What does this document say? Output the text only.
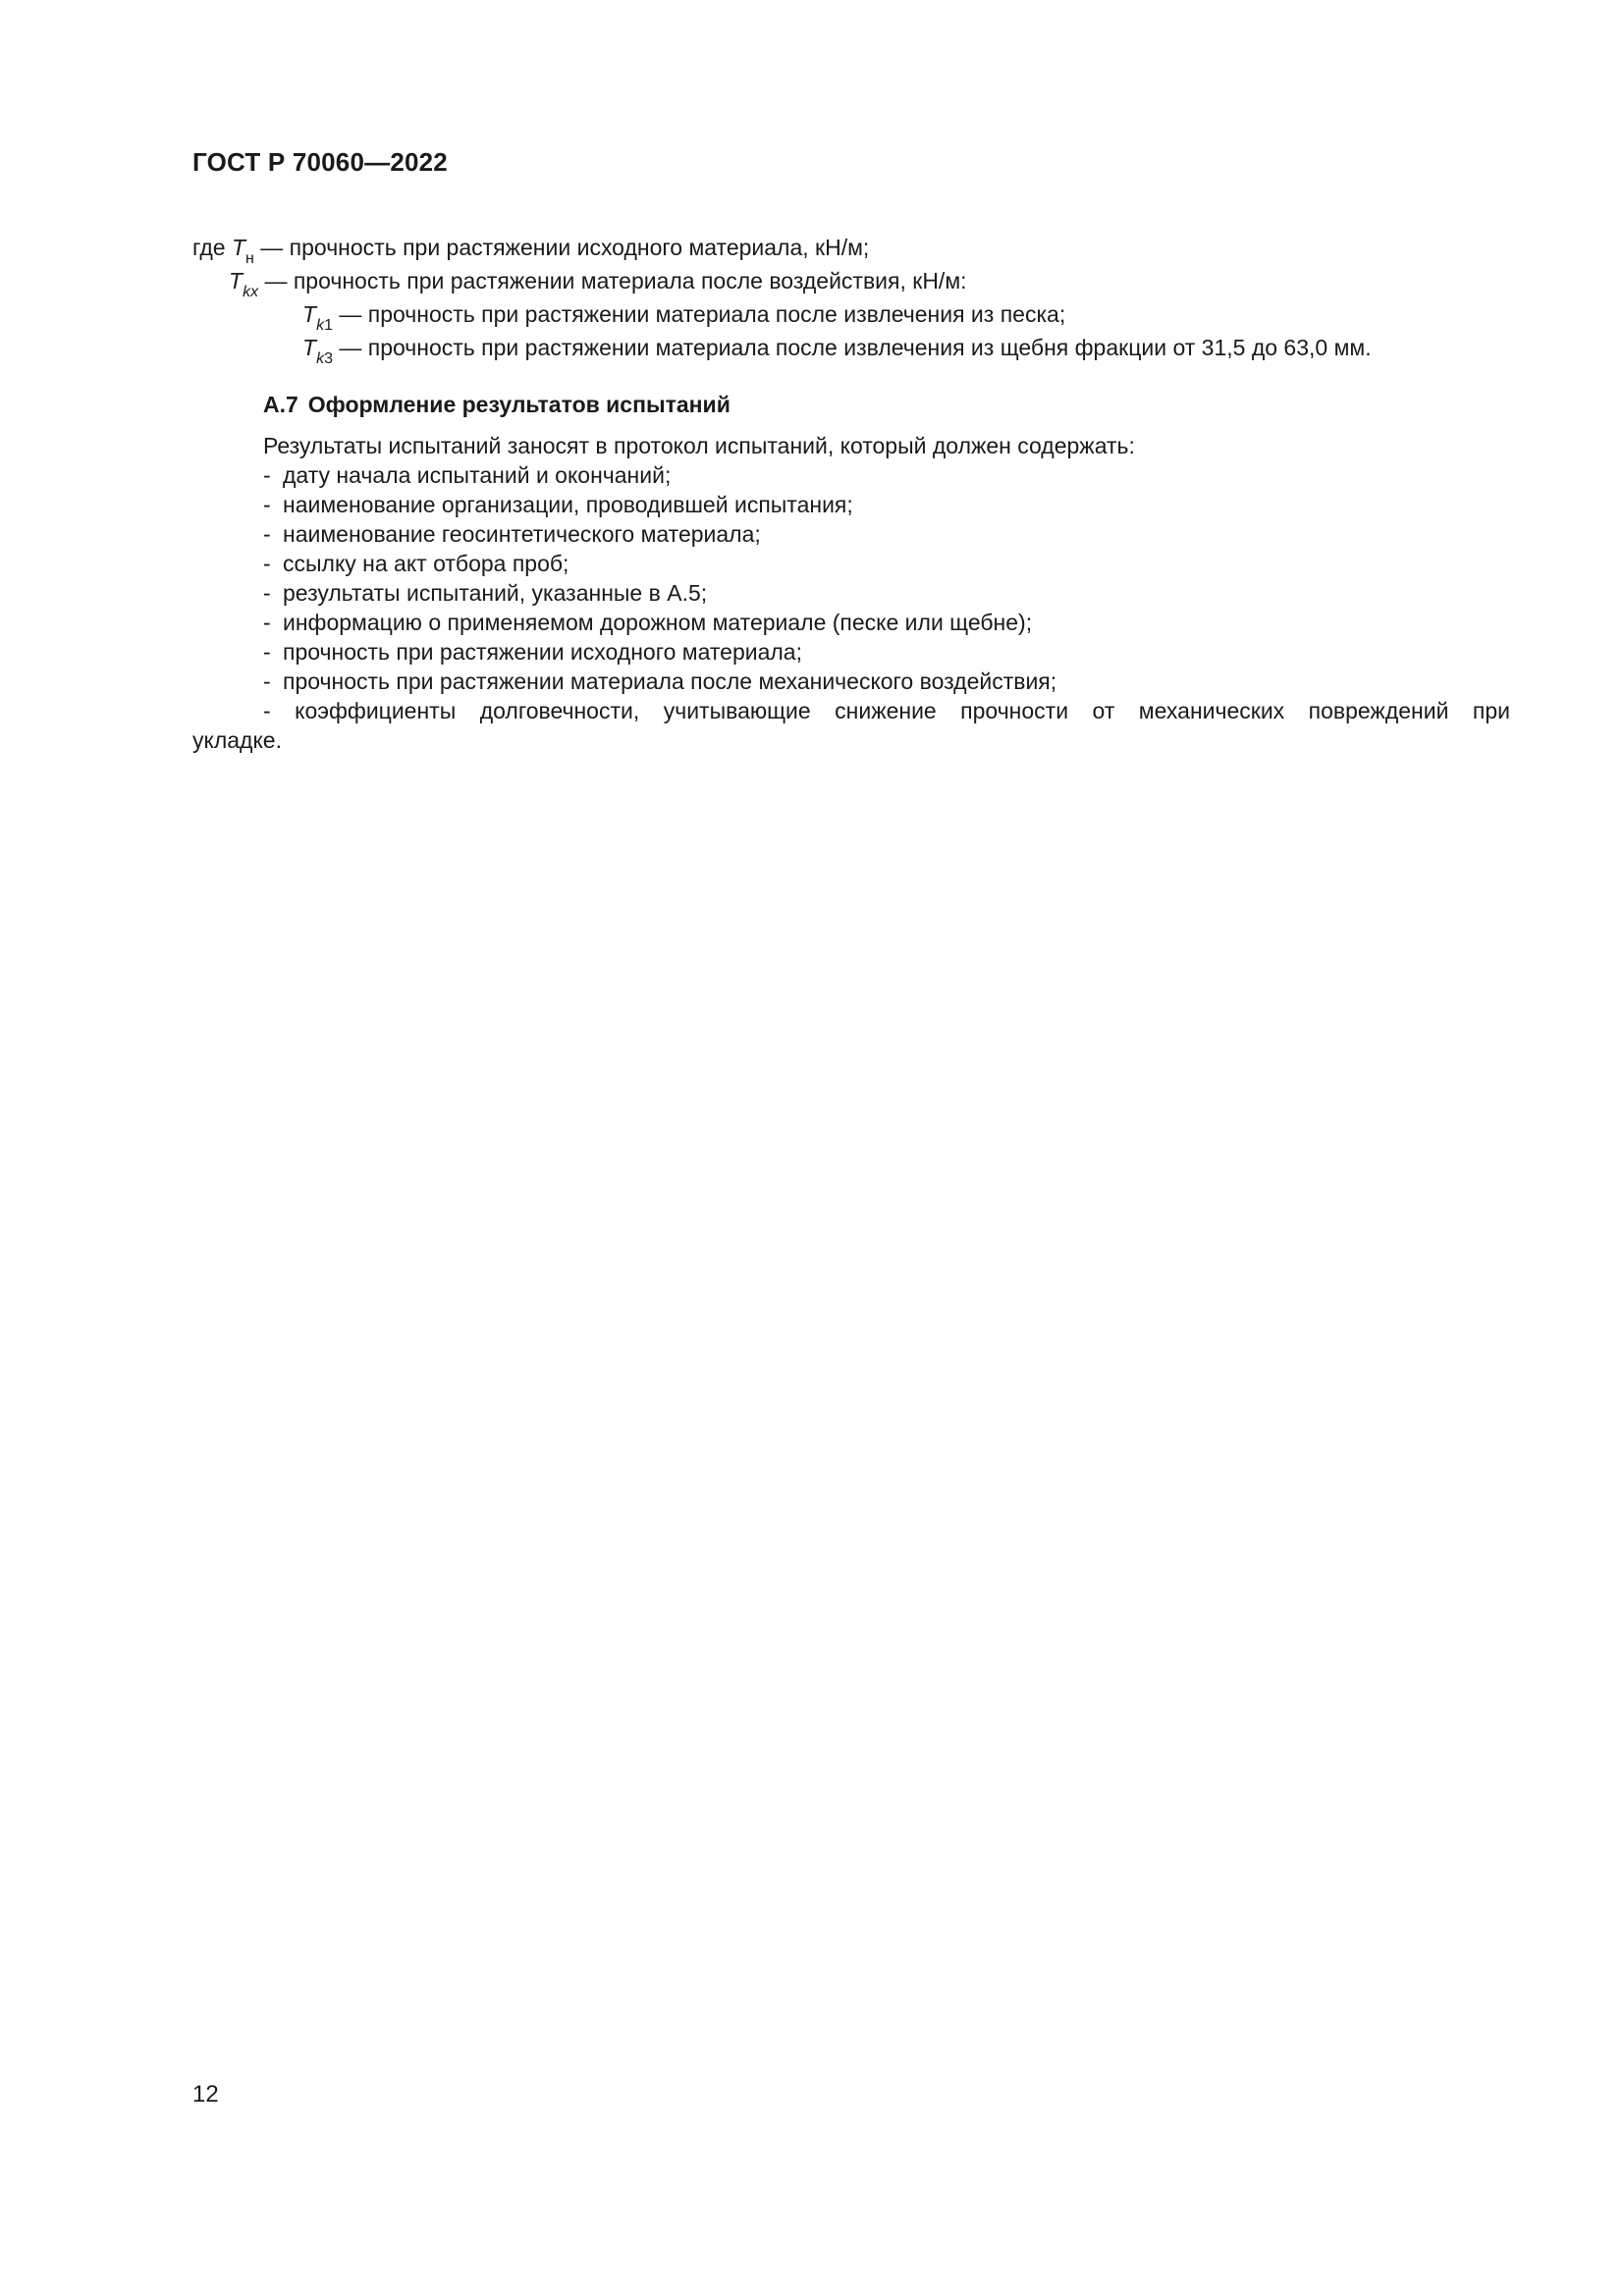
ГОСТ Р 70060—2022
где $T_н$ — прочность при растяжении исходного материала, кН/м;
$T_{kx}$ — прочность при растяжении материала после воздействия, кН/м:
$T_{k1}$ — прочность при растяжении материала после извлечения из песка;
$T_{k3}$ — прочность при растяжении материала после извлечения из щебня фракции от 31,5 до 63,0 мм.
А.7 Оформление результатов испытаний
Результаты испытаний заносят в протокол испытаний, который должен содержать:
- дату начала испытаний и окончаний;
- наименование организации, проводившей испытания;
- наименование геосинтетического материала;
- ссылку на акт отбора проб;
- результаты испытаний, указанные в А.5;
- информацию о применяемом дорожном материале (песке или щебне);
- прочность при растяжении исходного материала;
- прочность при растяжении материала после механического воздействия;
- коэффициенты долговечности, учитывающие снижение прочности от механических повреждений при
укладке.
12
